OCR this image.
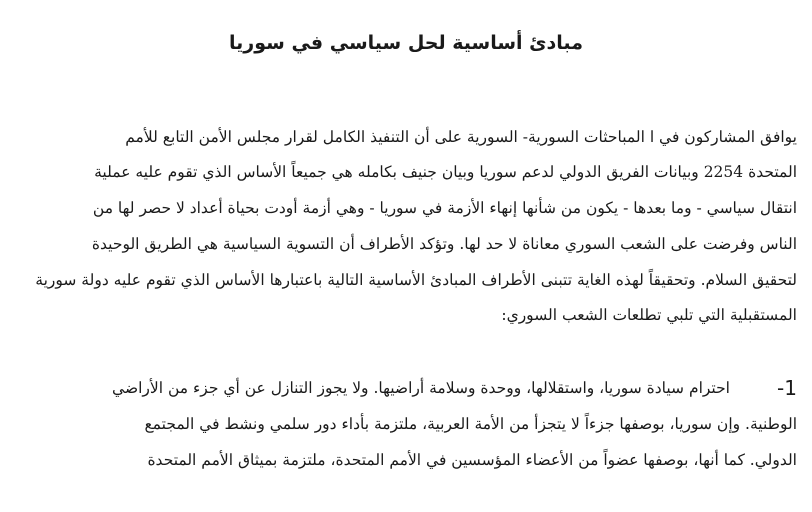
مبادئ أساسية لحل سياسي في سوريا
يوافق المشاركون في ا المباحثات السورية- السورية على أن التنفيذ الكامل لقرار مجلس الأمن التابع للأمم
المتحدة 2254 وبيانات الفريق الدولي لدعم سوريا وبيان جنيف بكامله هي جميعاً الأساس الذي تقوم عليه عملية
انتقال سياسي - وما بعدها - يكون من شأنها إنهاء الأزمة في سوريا - وهي أزمة أودت بحياة أعداد لا حصر لها من
الناس وفرضت على الشعب السوري معاناة لا حد لها. وتؤكد الأطراف أن التسوية السياسية هي الطريق الوحيدة
لتحقيق السلام. وتحقيقاً لهذه الغاية تتبنى الأطراف المبادئ الأساسية التالية باعتبارها الأساس الذي تقوم عليه دولة سورية
المستقبلية التي تلبي تطلعات الشعب السوري:
1-
احترام سيادة سوريا، واستقلالها، ووحدة وسلامة أراضيها. ولا يجوز التنازل عن أي جزء من الأراضي
الوطنية. وإن سوريا، بوصفها جزءاً لا يتجزأ من الأمة العربية، ملتزمة بأداء دور سلمي ونشط في المجتمع
الدولي. كما أنها، بوصفها عضواً من الأعضاء المؤسسين في الأمم المتحدة، ملتزمة بميثاق الأمم المتحدة
